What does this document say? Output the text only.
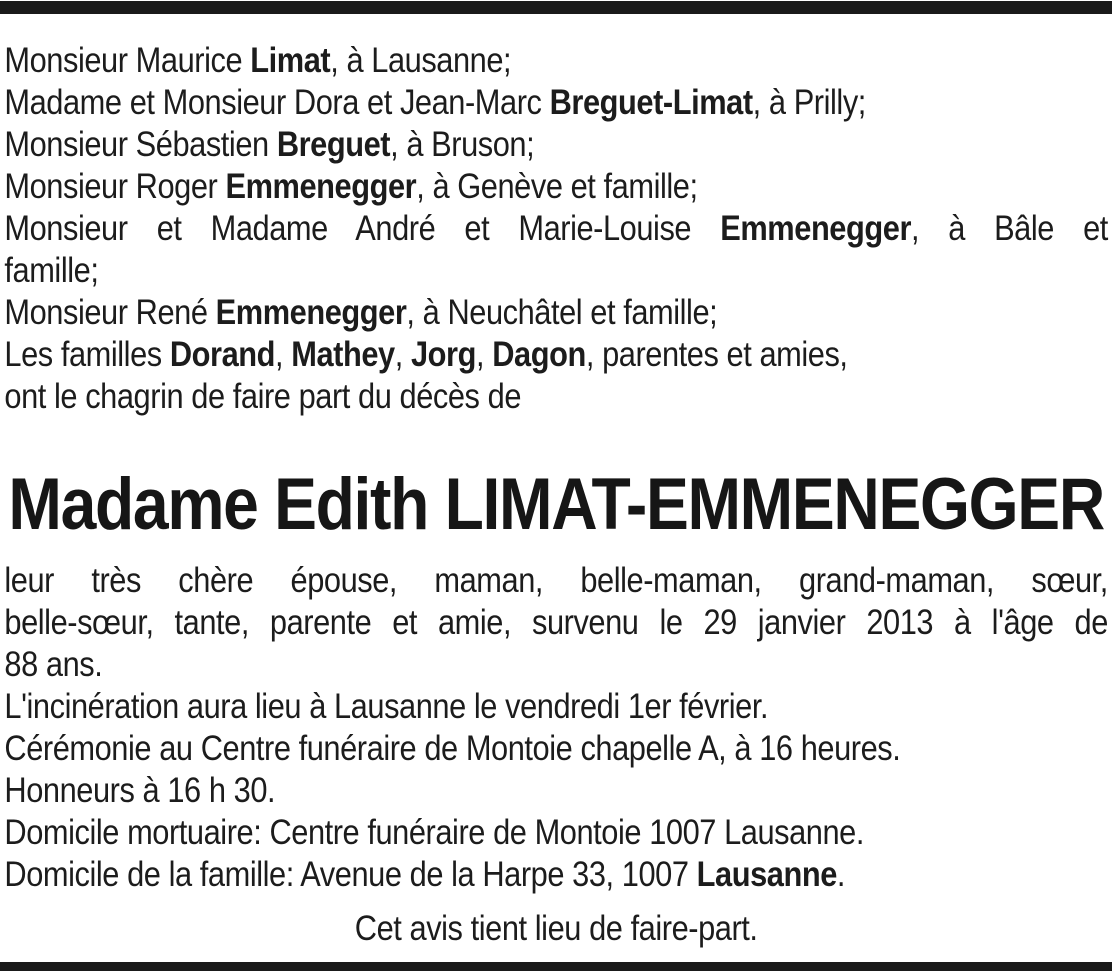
Monsieur Maurice Limat, à Lausanne;
Madame et Monsieur Dora et Jean-Marc Breguet-Limat, à Prilly;
Monsieur Sébastien Breguet, à Bruson;
Monsieur Roger Emmenegger, à Genève et famille;
Monsieur et Madame André et Marie-Louise Emmenegger, à Bâle et
famille;
Monsieur René Emmenegger, à Neuchâtel et famille;
Les familles Dorand, Mathey, Jorg, Dagon, parentes et amies,
ont le chagrin de faire part du décès de
Madame Edith LIMAT-EMMENEGGER
leur très chère épouse, maman, belle-maman, grand-maman, sœur,
belle-sœur, tante, parente et amie, survenu le 29 janvier 2013 à l'âge de
88 ans.
L'incinération aura lieu à Lausanne le vendredi 1er février.
Cérémonie au Centre funéraire de Montoie chapelle A, à 16 heures.
Honneurs à 16 h 30.
Domicile mortuaire: Centre funéraire de Montoie 1007 Lausanne.
Domicile de la famille: Avenue de la Harpe 33, 1007 Lausanne.
Cet avis tient lieu de faire-part.
